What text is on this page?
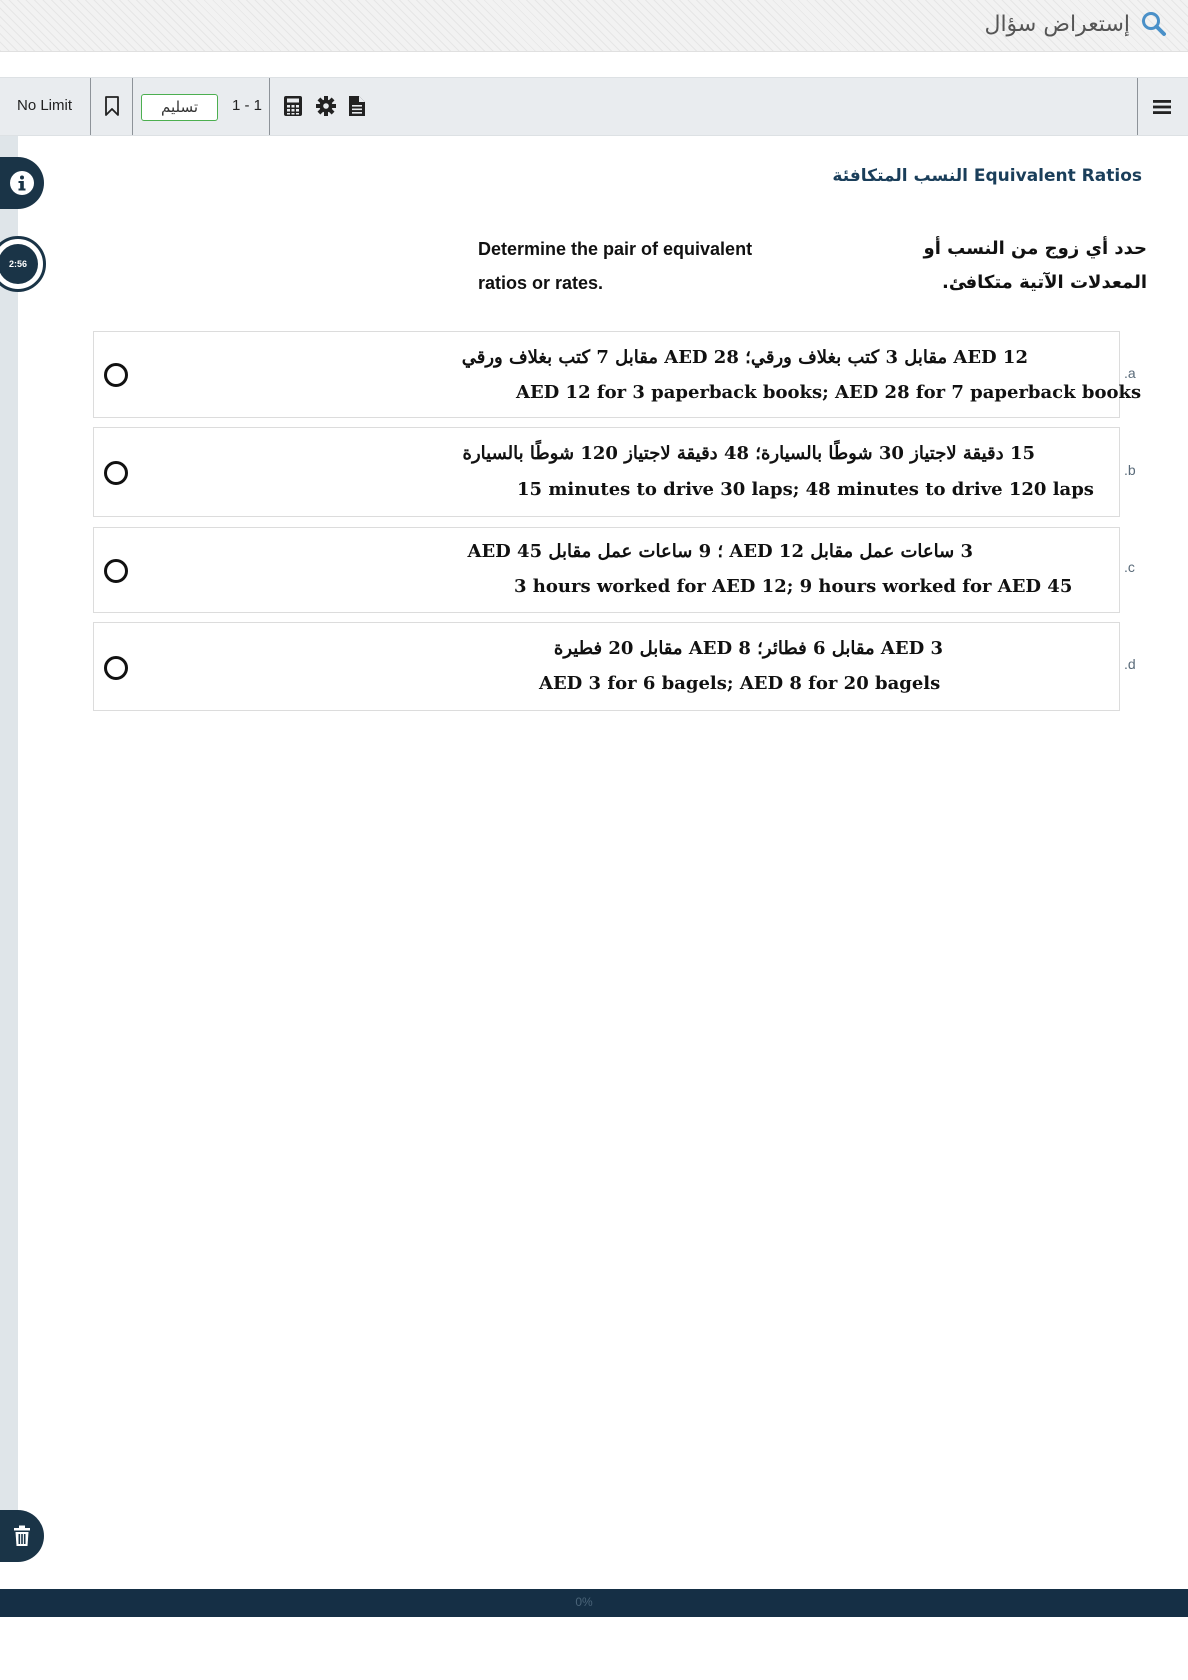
إستعراض سؤال
No Limit	تسليم	1 - 1
2:56
النسب المتكافئة Equivalent Ratios
Determine the pair of equivalent ratios or rates.
حدد أي زوج من النسب أو المعدلات الآتية متكافئ.
AED 12 مقابل 3 كتب بغلاف ورقي؛ AED 28 مقابل 7 كتب بغلاف ورقي
AED 12 for 3 paperback books; AED 28 for 7 paperback books
.a
15 دقيقة لاجتياز 30 شوطًا بالسيارة؛ 48 دقيقة لاجتياز 120 شوطًا بالسيارة
15 minutes to drive 30 laps; 48 minutes to drive 120 laps
.b
3 ساعات عمل مقابل AED 12 ؛ 9 ساعات عمل مقابل AED 45
3 hours worked for AED 12; 9 hours worked for AED 45
.c
AED 3 مقابل 6 فطائر؛ AED 8 مقابل 20 فطيرة
AED 3 for 6 bagels; AED 8 for 20 bagels
.d
0%
